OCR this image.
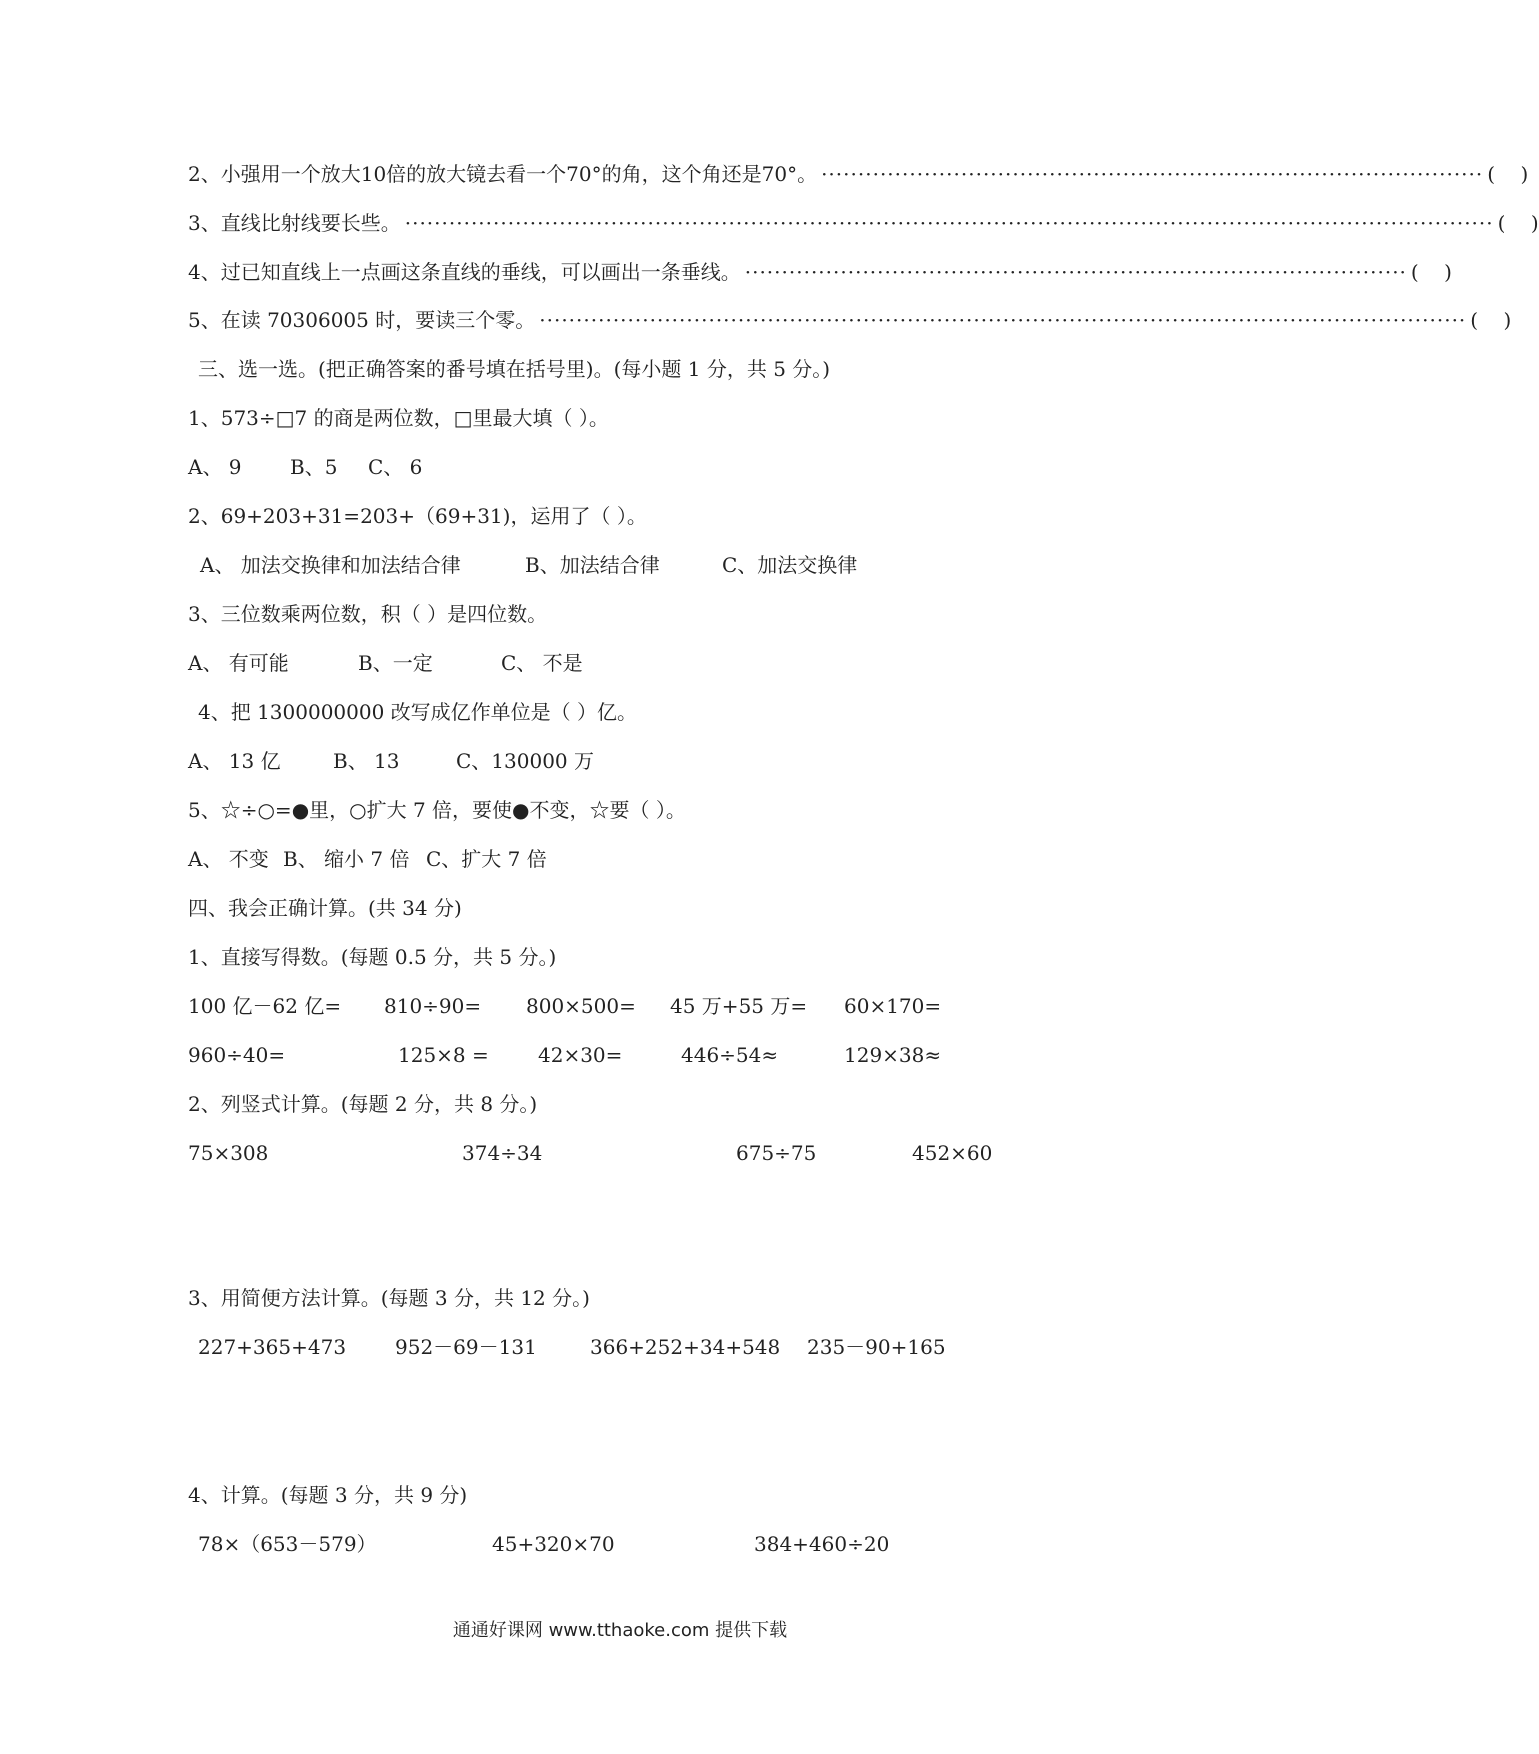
2、小强用一个放大10倍的放大镜去看一个70°的角，这个角还是70°。 ·························································································· (    )
3、直线比射线要长些。 ···················································································································································· (    )
4、过已知直线上一点画这条直线的垂线，可以画出一条垂线。 ·························································································· (    )
5、在读 70306005 时，要读三个零。 ······························································································································ (    )
三、选一选。(把正确答案的番号填在括号里)。(每小题 1 分，共 5 分。)
1、573÷□7 的商是两位数，□里最大填（ ）。
A、 9 B、5 C、 6
2、69+203+31=203+（69+31)，运用了（ ）。
A、 加法交换律和加法结合律	B、加法结合律	C、加法交换律
3、三位数乘两位数，积（ ）是四位数。
A、 有可能	B、一定	C、 不是
4、把 1300000000 改写成亿作单位是（ ）亿。
A、 13 亿	B、 13	C、130000 万
5、☆÷○=●里，○扩大 7 倍，要使●不变，☆要（ ）。
A、 不变 B、 缩小 7 倍 C、扩大 7 倍
四、我会正确计算。(共 34 分)
1、直接写得数。(每题 0.5 分，共 5 分。)
100 亿－62 亿= 810÷90= 800×500= 45 万+55 万= 60×170=
960÷40=	125×8 = 42×30=	446÷54≈	129×38≈
2、列竖式计算。(每题 2 分，共 8 分。)
75×308	374÷34	675÷75	452×60
3、用简便方法计算。(每题 3 分，共 12 分。)
227+365+473 952－69－131	366+252+34+548 235－90+165
4、计算。(每题 3 分，共 9 分)
78×（653－579）	45+320×70	384+460÷20
通通好课网 www.tthaoke.com 提供下载
